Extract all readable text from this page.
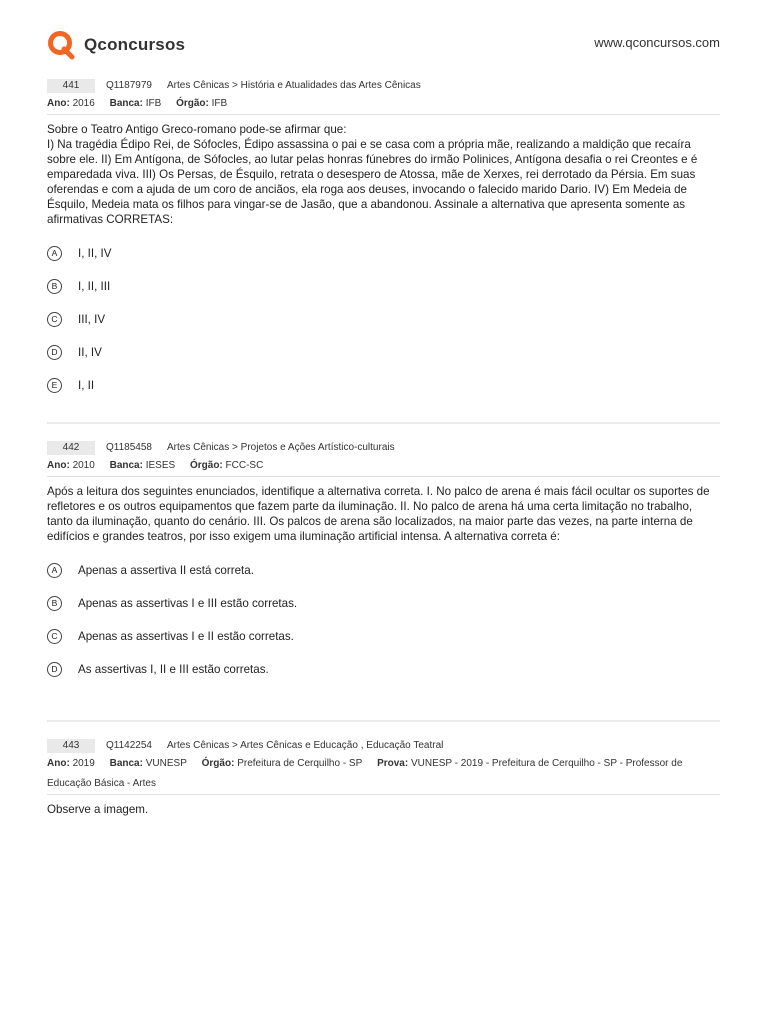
Qconcursos	www.qconcursos.com
441	Q1187979 Artes Cênicas > História e Atualidades das Artes Cênicas
Ano: 2016 Banca: IFB Órgão: IFB
Sobre o Teatro Antigo Greco-romano pode-se afirmar que:
I) Na tragédia Édipo Rei, de Sófocles, Édipo assassina o pai e se casa com a própria mãe, realizando a maldição que recaíra sobre ele. II) Em Antígona, de Sófocles, ao lutar pelas honras fúnebres do irmão Polinices, Antígona desafia o rei Creontes e é emparedada viva. III) Os Persas, de Ésquilo, retrata o desespero de Atossa, mãe de Xerxes, rei derrotado da Pérsia. Em suas oferendas e com a ajuda de um coro de anciãos, ela roga aos deuses, invocando o falecido marido Dario. IV) Em Medeia de Ésquilo, Medeia mata os filhos para vingar-se de Jasão, que a abandonou. Assinale a alternativa que apresenta somente as afirmativas CORRETAS:
A	I, II, IV
B	I, II, III
C	III, IV
D	II, IV
E	I, II
442	Q1185458 Artes Cênicas > Projetos e Ações Artístico-culturais
Ano: 2010 Banca: IESES Órgão: FCC-SC
Após a leitura dos seguintes enunciados, identifique a alternativa correta. I. No palco de arena é mais fácil ocultar os suportes de refletores e os outros equipamentos que fazem parte da iluminação. II. No palco de arena há uma certa limitação no trabalho, tanto da iluminação, quanto do cenário. III. Os palcos de arena são localizados, na maior parte das vezes, na parte interna de edifícios e grandes teatros, por isso exigem uma iluminação artificial intensa. A alternativa correta é:
A	Apenas a assertiva II está correta.
B	Apenas as assertivas I e III estão corretas.
C	Apenas as assertivas I e II estão corretas.
D	As assertivas I, II e III estão corretas.
443	Q1142254 Artes Cênicas > Artes Cênicas e Educação , Educação Teatral
Ano: 2019 Banca: VUNESP Órgão: Prefeitura de Cerquilho - SP Prova: VUNESP - 2019 - Prefeitura de Cerquilho - SP - Professor de Educação Básica - Artes
Observe a imagem.
